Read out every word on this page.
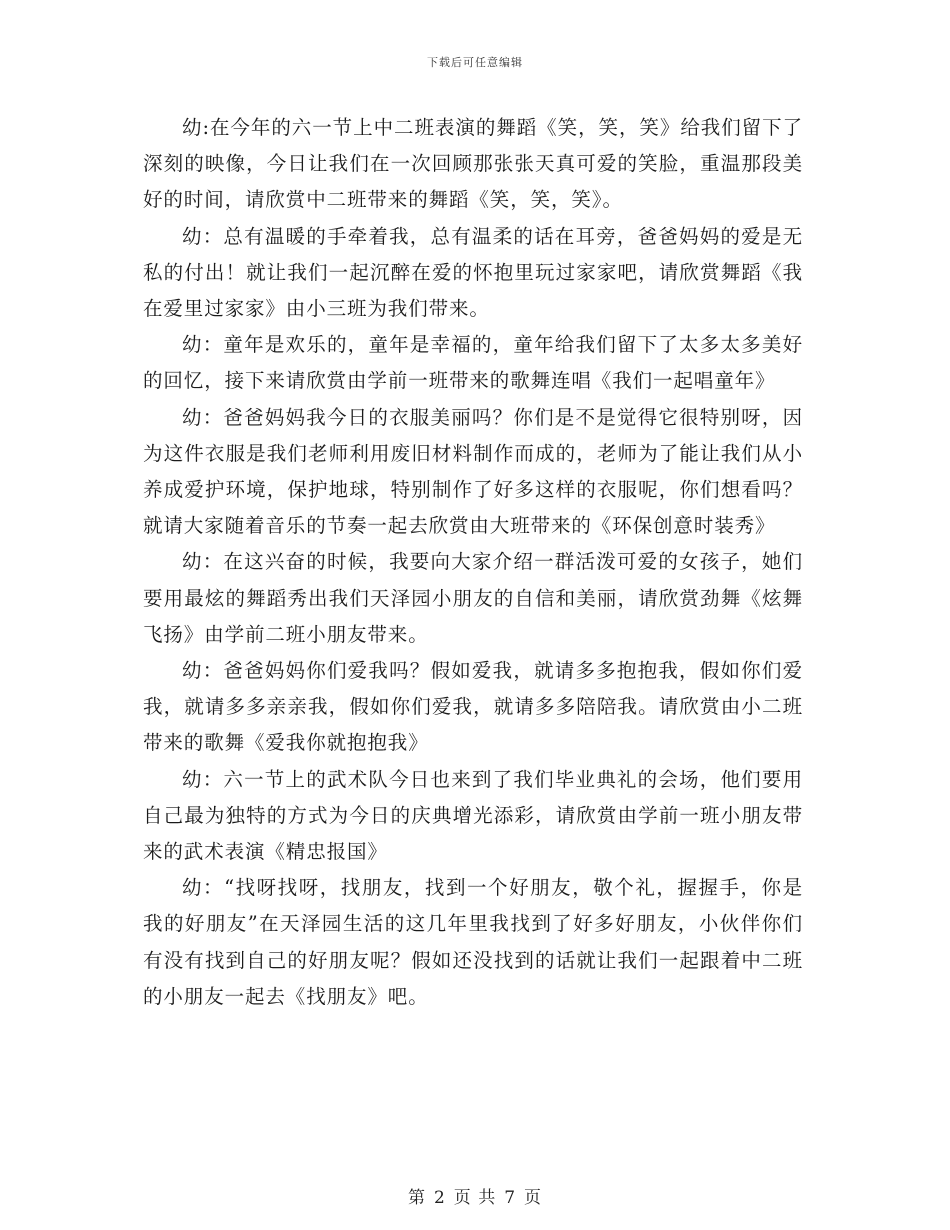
下载后可任意编辑

幼:在今年的六一节上中二班表演的舞蹈《笑，笑，笑》给我们留下了深刻的映像，今日让我们在一次回顾那张张天真可爱的笑脸，重温那段美好的时间，请欣赏中二班带来的舞蹈《笑，笑，笑》。

幼：总有温暖的手牵着我，总有温柔的话在耳旁，爸爸妈妈的爱是无私的付出！就让我们一起沉醉在爱的怀抱里玩过家家吧，请欣赏舞蹈《我在爱里过家家》由小三班为我们带来。

幼：童年是欢乐的，童年是幸福的，童年给我们留下了太多太多美好的回忆，接下来请欣赏由学前一班带来的歌舞连唱《我们一起唱童年》

幼：爸爸妈妈我今日的衣服美丽吗？你们是不是觉得它很特别呀，因为这件衣服是我们老师利用废旧材料制作而成的，老师为了能让我们从小养成爱护环境，保护地球，特别制作了好多这样的衣服呢，你们想看吗？就请大家随着音乐的节奏一起去欣赏由大班带来的《环保创意时装秀》

幼：在这兴奋的时候，我要向大家介绍一群活泼可爱的女孩子，她们要用最炫的舞蹈秀出我们天泽园小朋友的自信和美丽，请欣赏劲舞《炫舞飞扬》由学前二班小朋友带来。

幼：爸爸妈妈你们爱我吗？假如爱我，就请多多抱抱我，假如你们爱我，就请多多亲亲我，假如你们爱我，就请多多陪陪我。请欣赏由小二班带来的歌舞《爱我你就抱抱我》

幼：六一节上的武术队今日也来到了我们毕业典礼的会场，他们要用自己最为独特的方式为今日的庆典增光添彩，请欣赏由学前一班小朋友带来的武术表演《精忠报国》

幼：“找呀找呀，找朋友，找到一个好朋友，敬个礼，握握手，你是我的好朋友”在天泽园生活的这几年里我找到了好多好朋友，小伙伴你们有没有找到自己的好朋友呢？假如还没找到的话就让我们一起跟着中二班的小朋友一起去《找朋友》吧。

第 2 页 共 7 页
